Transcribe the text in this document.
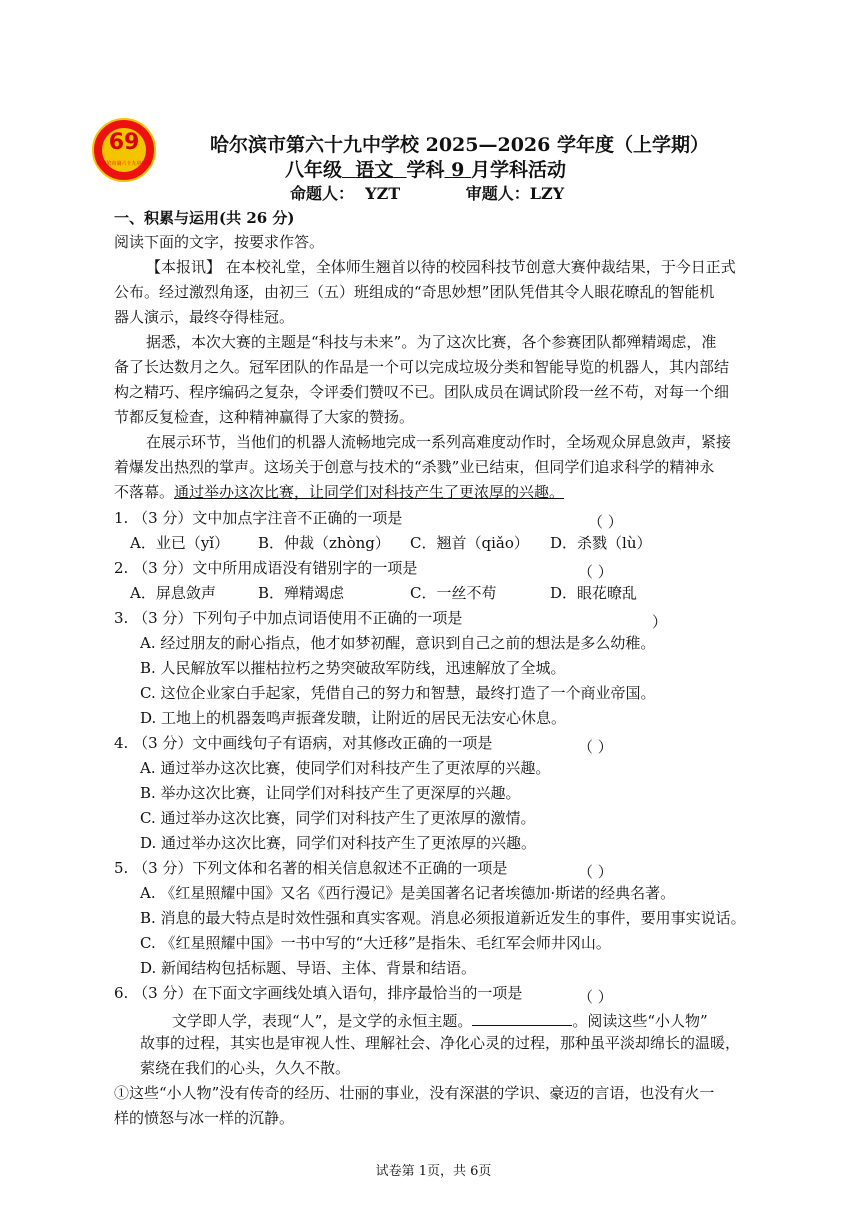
69
哈尔滨市第六十九中学校
哈尔滨市第六十九中学校 2025—2026 学年度（上学期）
八年级 语文 学科 9 月学科活动
命题人： YZT	审题人：LZY
一、积累与运用(共 26 分)
阅读下面的文字，按要求作答。
【本报讯】 在本校礼堂，全体师生翘首以待的校园科技节创意大赛仲裁结果，于今日正式
公布。经过激烈角逐，由初三（五）班组成的“奇思妙想”团队凭借其令人眼花暸乱的智能机
器人演示，最终夺得桂冠。
据悉，本次大赛的主题是“科技与未来”。为了这次比赛，各个参赛团队都殚精竭虑，准
备了长达数月之久。冠军团队的作品是一个可以完成垃圾分类和智能导览的机器人，其内部结
构之精巧、程序编码之复杂，令评委们赞叹不已。团队成员在调试阶段一丝不苟，对每一个细
节都反复检查，这种精神赢得了大家的赞扬。
在展示环节，当他们的机器人流畅地完成一系列高难度动作时，全场观众屏息敛声，紧接
着爆发出热烈的掌声。这场关于创意与技术的“杀戮”业已结束，但同学们追求科学的精神永
不落幕。通过举办这次比赛，让同学们对科技产生了更浓厚的兴趣。
1. （3 分）文中加点字注音不正确的一项是	（ ）
A．业已（yǐ） B．仲裁（zhòng） C．翘首（qiǎo） D．杀戮（lù）
2. （3 分）文中所用成语没有错别字的一项是	（ ）
A．屏息敛声	B．殚精竭虑	C．一丝不苟	D．眼花暸乱
3. （3 分）下列句子中加点词语使用不正确的一项是	）
A. 经过朋友的耐心指点，他才如梦初醒，意识到自己之前的想法是多么幼稚。
B. 人民解放军以摧枯拉朽之势突破敌军防线，迅速解放了全城。
C. 这位企业家白手起家，凭借自己的努力和智慧，最终打造了一个商业帝国。
D. 工地上的机器轰鸣声振聋发聩，让附近的居民无法安心休息。
4. （3 分）文中画线句子有语病，对其修改正确的一项是	（ ）
A. 通过举办这次比赛，使同学们对科技产生了更浓厚的兴趣。
B. 举办这次比赛，让同学们对科技产生了更深厚的兴趣。
C. 通过举办这次比赛，同学们对科技产生了更浓厚的激情。
D. 通过举办这次比赛，同学们对科技产生了更浓厚的兴趣。
5. （3 分）下列文体和名著的相关信息叙述不正确的一项是	（ ）
A. 《红星照耀中国》又名《西行漫记》是美国著名记者埃德加·斯诺的经典名著。
B. 消息的最大特点是时效性强和真实客观。消息必须报道新近发生的事件，要用事实说话。
C. 《红星照耀中国》一书中写的“大迁移”是指朱、毛红军会师井冈山。
D. 新闻结构包括标题、导语、主体、背景和结语。
6. （3 分）在下面文字画线处填入语句，排序最恰当的一项是	（ ）
文学即人学，表现“人”，是文学的永恒主题。	。阅读这些“小人物”
故事的过程，其实也是审视人性、理解社会、净化心灵的过程，那种虽平淡却绵长的温暖，
萦绕在我们的心头，久久不散。
①这些“小人物”没有传奇的经历、壮丽的事业，没有深湛的学识、豪迈的言语，也没有火一
样的愤怒与冰一样的沉静。
试卷第 1页，共 6页
